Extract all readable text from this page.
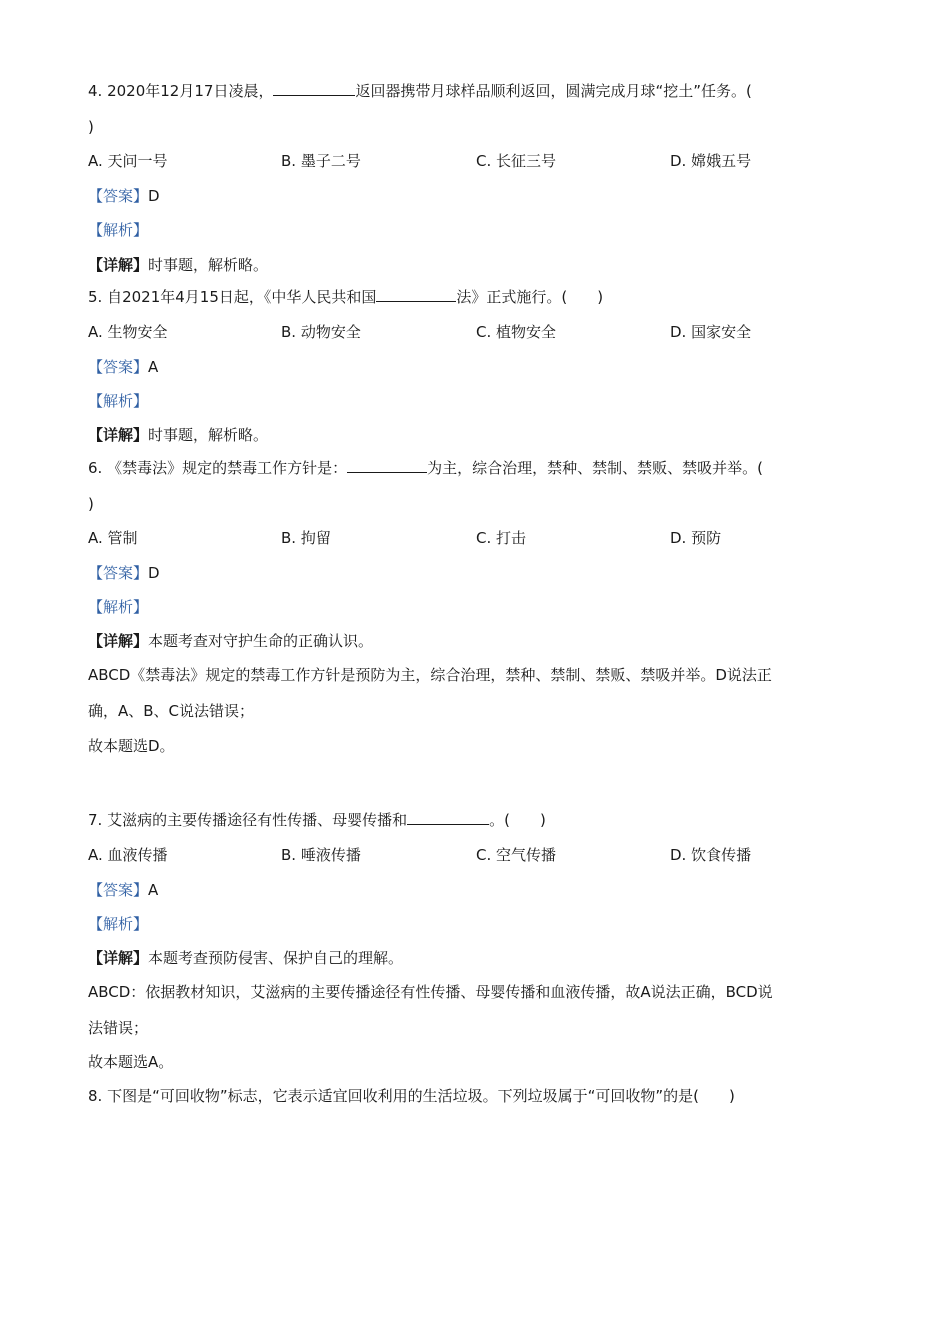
4. 2020年12月17日凌晨，	返回器携带月球样品顺利返回，圆满完成月球“挖土”任务。(
)
A. 天问一号	B. 墨子二号	C. 长征三号	D. 嫦娥五号
【答案】D
【解析】
【详解】时事题，解析略。
5. 自2021年4月15日起，《中华人民共和国	法》正式施行。(　　)
A. 生物安全	B. 动物安全	C. 植物安全	D. 国家安全
【答案】A
【解析】
【详解】时事题，解析略。
6. 《禁毒法》规定的禁毒工作方针是：	为主，综合治理，禁种、禁制、禁贩、禁吸并举。(
)
A. 管制	B. 拘留	C. 打击	D. 预防
【答案】D
【解析】
【详解】本题考查对守护生命的正确认识。
ABCD《禁毒法》规定的禁毒工作方针是预防为主，综合治理，禁种、禁制、禁贩、禁吸并举。D说法正
确，A、B、C说法错误；
故本题选D。
7. 艾滋病的主要传播途径有性传播、母婴传播和	。(　　)
A. 血液传播	B. 唾液传播	C. 空气传播	D. 饮食传播
【答案】A
【解析】
【详解】本题考查预防侵害、保护自己的理解。
ABCD：依据教材知识，艾滋病的主要传播途径有性传播、母婴传播和血液传播，故A说法正确，BCD说
法错误；
故本题选A。
8. 下图是“可回收物”标志，它表示适宜回收利用的生活垃圾。下列垃圾属于“可回收物”的是(　　)
